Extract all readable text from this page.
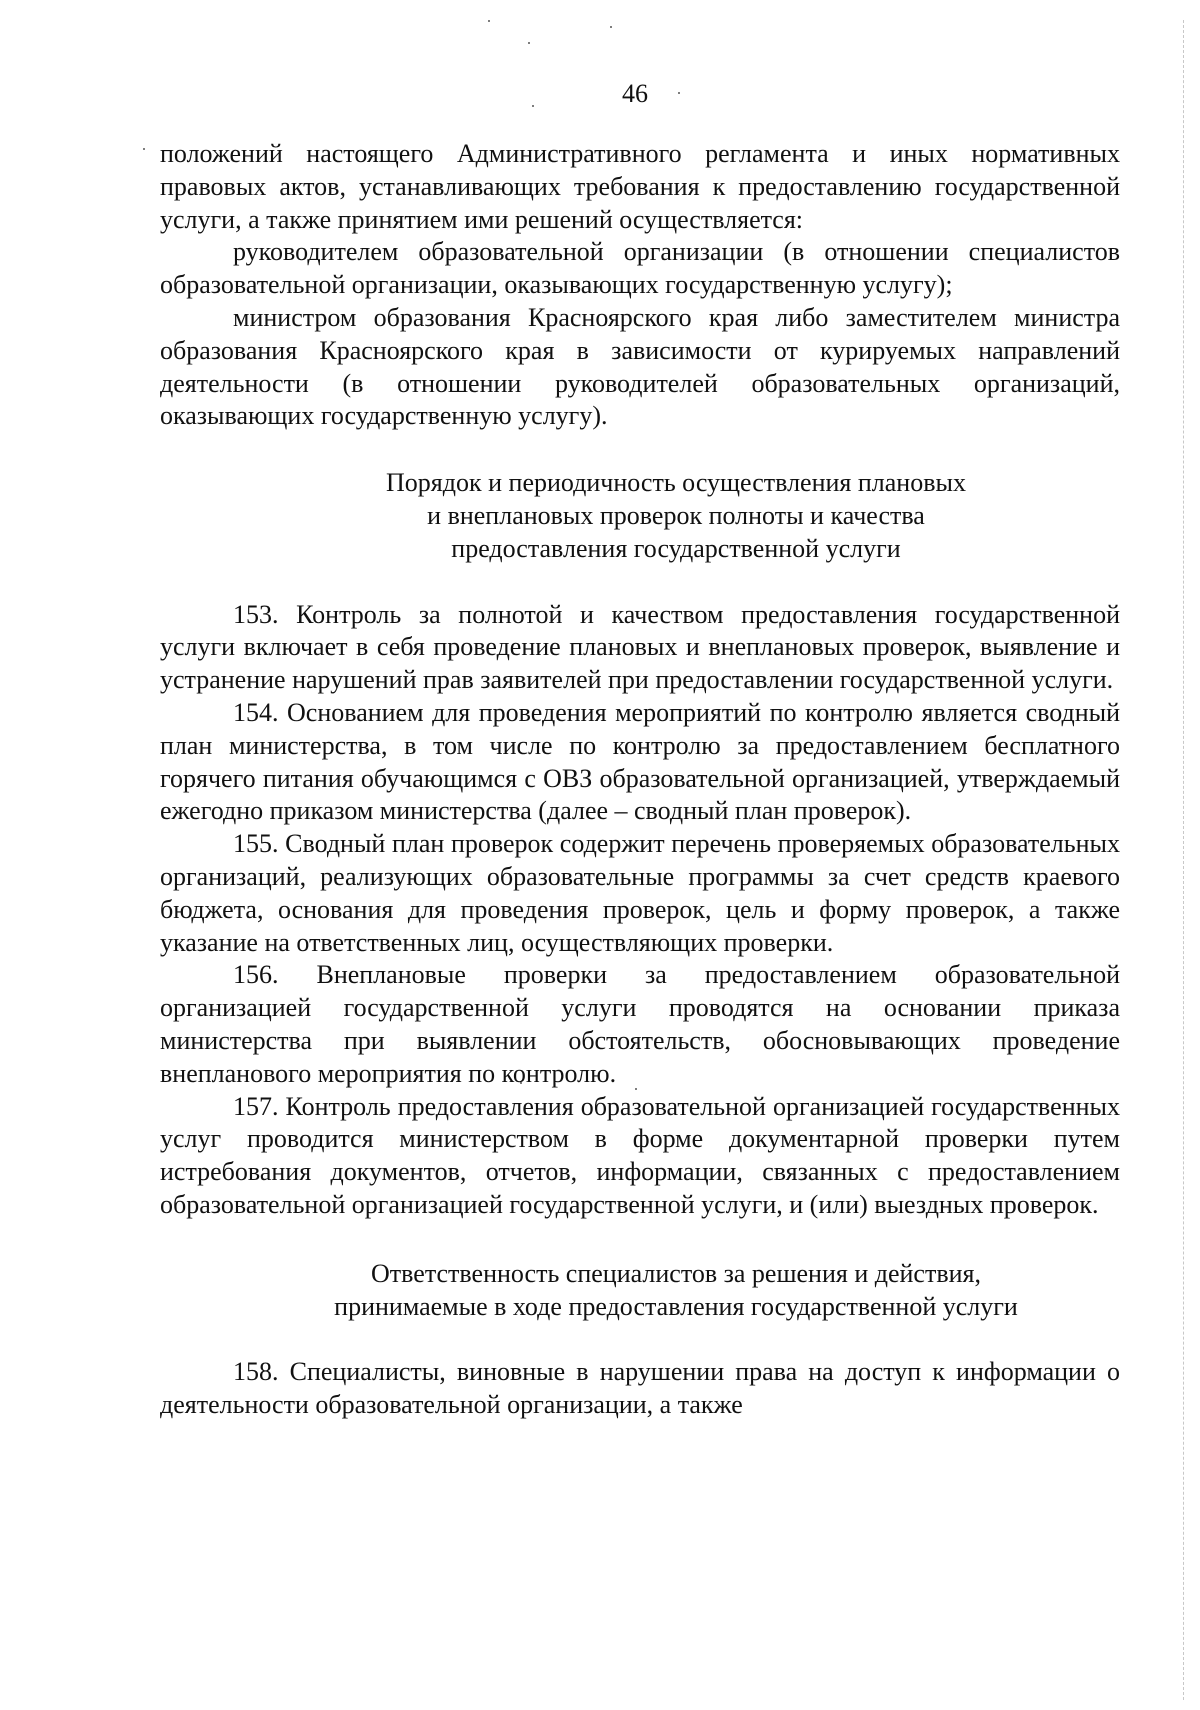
46

положений настоящего Административного регламента и иных нормативных правовых актов, устанавливающих требования к предоставлению государственной услуги, а также принятием ими решений осуществляется:

руководителем образовательной организации (в отношении специалистов образовательной организации, оказывающих государственную услугу);

министром образования Красноярского края либо заместителем министра образования Красноярского края в зависимости от курируемых направлений деятельности (в отношении руководителей образовательных организаций, оказывающих государственную услугу).

Порядок и периодичность осуществления плановых
и внеплановых проверок полноты и качества
предоставления государственной услуги

153. Контроль за полнотой и качеством предоставления государственной услуги включает в себя проведение плановых и внеплановых проверок, выявление и устранение нарушений прав заявителей при предоставлении государственной услуги.

154. Основанием для проведения мероприятий по контролю является сводный план министерства, в том числе по контролю за предоставлением бесплатного горячего питания обучающимся с ОВЗ образовательной организацией, утверждаемый ежегодно приказом министерства (далее – сводный план проверок).

155. Сводный план проверок содержит перечень проверяемых образовательных организаций, реализующих образовательные программы за счет средств краевого бюджета, основания для проведения проверок, цель и форму проверок, а также указание на ответственных лиц, осуществляющих проверки.

156. Внеплановые проверки за предоставлением образовательной организацией государственной услуги проводятся на основании приказа министерства при выявлении обстоятельств, обосновывающих проведение внепланового мероприятия по контролю.

157. Контроль предоставления образовательной организацией государственных услуг проводится министерством в форме документарной проверки путем истребования документов, отчетов, информации, связанных с предоставлением образовательной организацией государственной услуги, и (или) выездных проверок.

Ответственность специалистов за решения и действия,
принимаемые в ходе предоставления государственной услуги

158. Специалисты, виновные в нарушении права на доступ к информации о деятельности образовательной организации, а также
